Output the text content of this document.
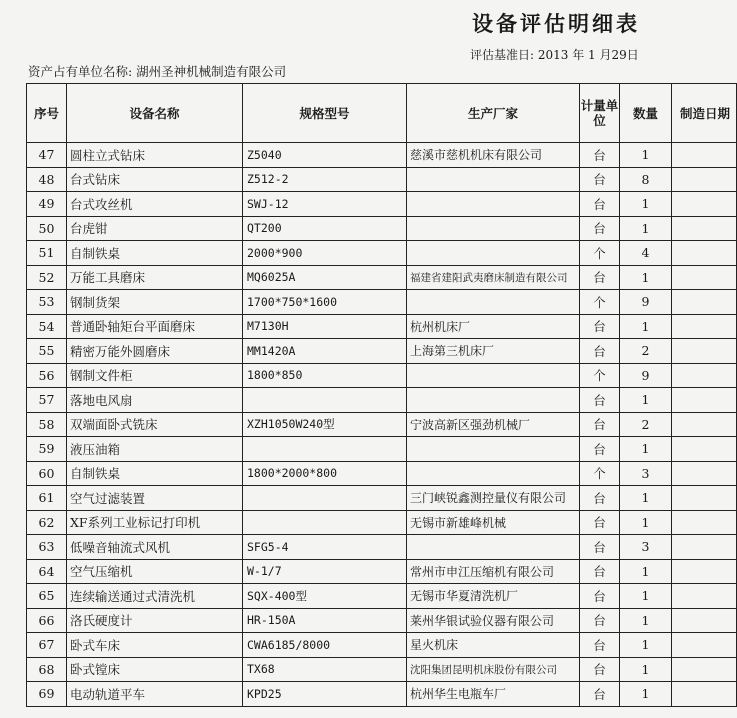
设备评估明细表
评估基准日: 2013 年 1 月29日
资产占有单位名称: 湖州圣神机械制造有限公司
序号	设备名称	规格型号	生产厂家	计量单位	数量	制造日期
47	圆柱立式钻床	Z5040	慈溪市慈机机床有限公司	台	1	
48	台式钻床	Z512-2		台	8	
49	台式攻丝机	SWJ-12		台	1	
50	台虎钳	QT200		台	1	
51	自制铁桌	2000*900		个	4	
52	万能工具磨床	MQ6025A	福建省建阳武夷磨床制造有限公司	台	1	
53	钢制货架	1700*750*1600		个	9	
54	普通卧轴矩台平面磨床	M7130H	杭州机床厂	台	1	
55	精密万能外圆磨床	MM1420A	上海第三机床厂	台	2	
56	钢制文件柜	1800*850		个	9	
57	落地电风扇			台	1	
58	双端面卧式铣床	XZH1050W240型	宁波高新区强劲机械厂	台	2	
59	液压油箱			台	1	
60	自制铁桌	1800*2000*800		个	3	
61	空气过滤装置		三门峡锐鑫测控量仪有限公司	台	1	
62	XF系列工业标记打印机		无锡市新雄峰机械	台	1	
63	低噪音轴流式风机	SFG5-4		台	3	
64	空气压缩机	W-1/7	常州市申江压缩机有限公司	台	1	
65	连续输送通过式清洗机	SQX-400型	无锡市华夏清洗机厂	台	1	
66	洛氏硬度计	HR-150A	莱州华银试验仪器有限公司	台	1	
67	卧式车床	CWA6185/8000	星火机床	台	1	
68	卧式镗床	TX68	沈阳集团昆明机床股份有限公司	台	1	
69	电动轨道平车	KPD25	杭州华生电瓶车厂	台	1	
